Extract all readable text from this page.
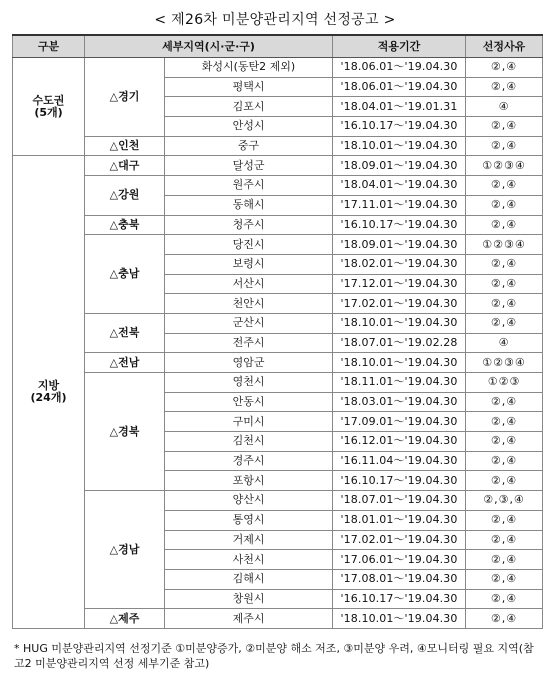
< 제26차 미분양관리지역 선정공고 >
구분	세부지역(시·군·구)		적용기간	선정사유

수도권
(5개)	△경기	화성시(동탄2 제외)	'18.06.01～'19.04.30	②,④
		평택시	'18.06.01～'19.04.30	②,④
		김포시	'18.04.01～'19.01.31	④
		안성시	'16.10.17～'19.04.30	②,④
	△인천	중구	'18.10.01～'19.04.30	②,④

지방
(24개)	△대구	달성군	'18.09.01～'19.04.30	①②③④
	△강원	원주시	'18.04.01～'19.04.30	②,④
		동해시	'17.11.01～'19.04.30	②,④
	△충북	청주시	'16.10.17～'19.04.30	②,④
	△충남	당진시	'18.09.01～'19.04.30	①②③④
		보령시	'18.02.01～'19.04.30	②,④
		서산시	'17.12.01～'19.04.30	②,④
		천안시	'17.02.01～'19.04.30	②,④
	△전북	군산시	'18.10.01～'19.04.30	②,④
		전주시	'18.07.01～'19.02.28	④
	△전남	영암군	'18.10.01～'19.04.30	①②③④
	△경북	영천시	'18.11.01～'19.04.30	①②③
		안동시	'18.03.01～'19.04.30	②,④
		구미시	'17.09.01～'19.04.30	②,④
		김천시	'16.12.01～'19.04.30	②,④
		경주시	'16.11.04～'19.04.30	②,④
		포항시	'16.10.17～'19.04.30	②,④
	△경남	양산시	'18.07.01～'19.04.30	②,③,④
		통영시	'18.01.01～'19.04.30	②,④
		거제시	'17.02.01～'19.04.30	②,④
		사천시	'17.06.01～'19.04.30	②,④
		김해시	'17.08.01～'19.04.30	②,④
		창원시	'16.10.17～'19.04.30	②,④
	△제주	제주시	'18.10.01～'19.04.30	②,④
* HUG 미분양관리지역 선정기준 ①미분양증가, ②미분양 해소 저조, ③미분양 우려, ④모니터링 필요 지역(참고2 미분양관리지역 선정 세부기준 참고)
